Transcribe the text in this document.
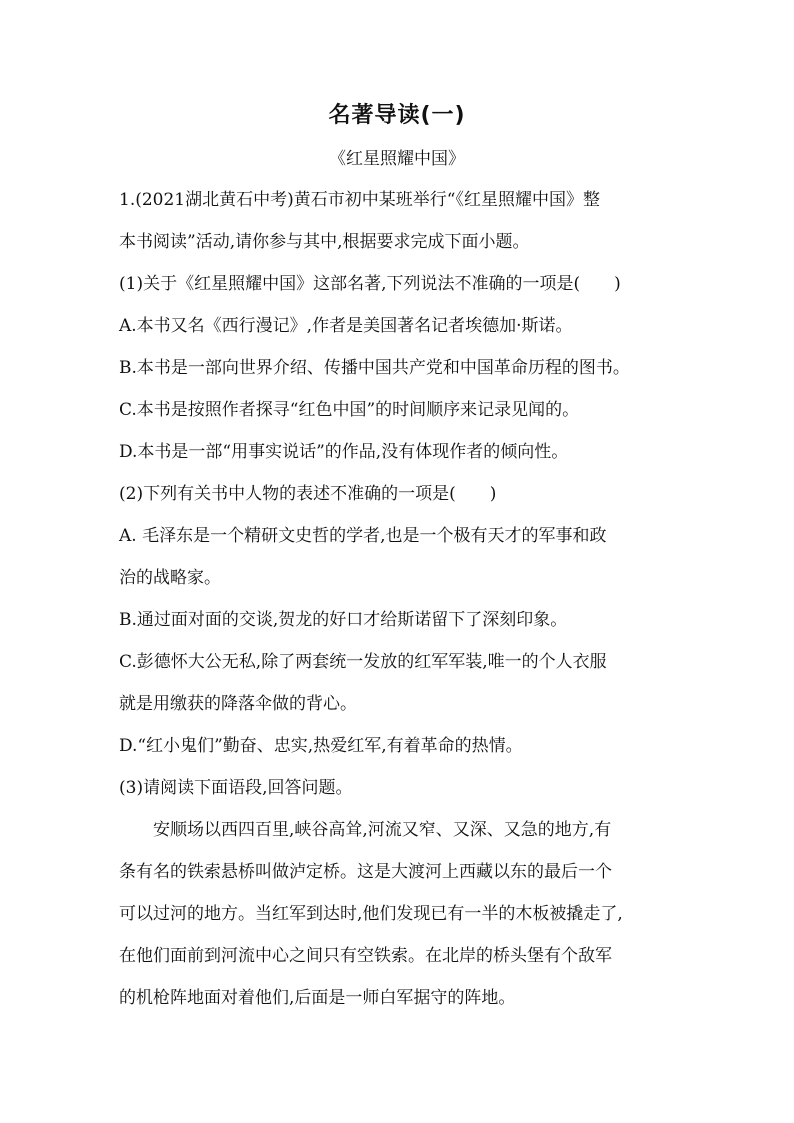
名著导读(一)
《红星照耀中国》
1.(2021湖北黄石中考)黄石市初中某班举行“《红星照耀中国》整
本书阅读”活动,请你参与其中,根据要求完成下面小题。
(1)关于《红星照耀中国》这部名著,下列说法不准确的一项是(　　)
A.本书又名《西行漫记》,作者是美国著名记者埃德加·斯诺。
B.本书是一部向世界介绍、传播中国共产党和中国革命历程的图书。
C.本书是按照作者探寻“红色中国”的时间顺序来记录见闻的。
D.本书是一部“用事实说话”的作品,没有体现作者的倾向性。
(2)下列有关书中人物的表述不准确的一项是(　　)
A. 毛泽东是一个精研文史哲的学者,也是一个极有天才的军事和政
治的战略家。
B.通过面对面的交谈,贺龙的好口才给斯诺留下了深刻印象。
C.彭德怀大公无私,除了两套统一发放的红军军装,唯一的个人衣服
就是用缴获的降落伞做的背心。
D.“红小鬼们”勤奋、忠实,热爱红军,有着革命的热情。
(3)请阅读下面语段,回答问题。
安顺场以西四百里,峡谷高耸,河流又窄、又深、又急的地方,有
条有名的铁索悬桥叫做泸定桥。这是大渡河上西藏以东的最后一个
可以过河的地方。当红军到达时,他们发现已有一半的木板被撬走了,
在他们面前到河流中心之间只有空铁索。在北岸的桥头堡有个敌军
的机枪阵地面对着他们,后面是一师白军据守的阵地。
